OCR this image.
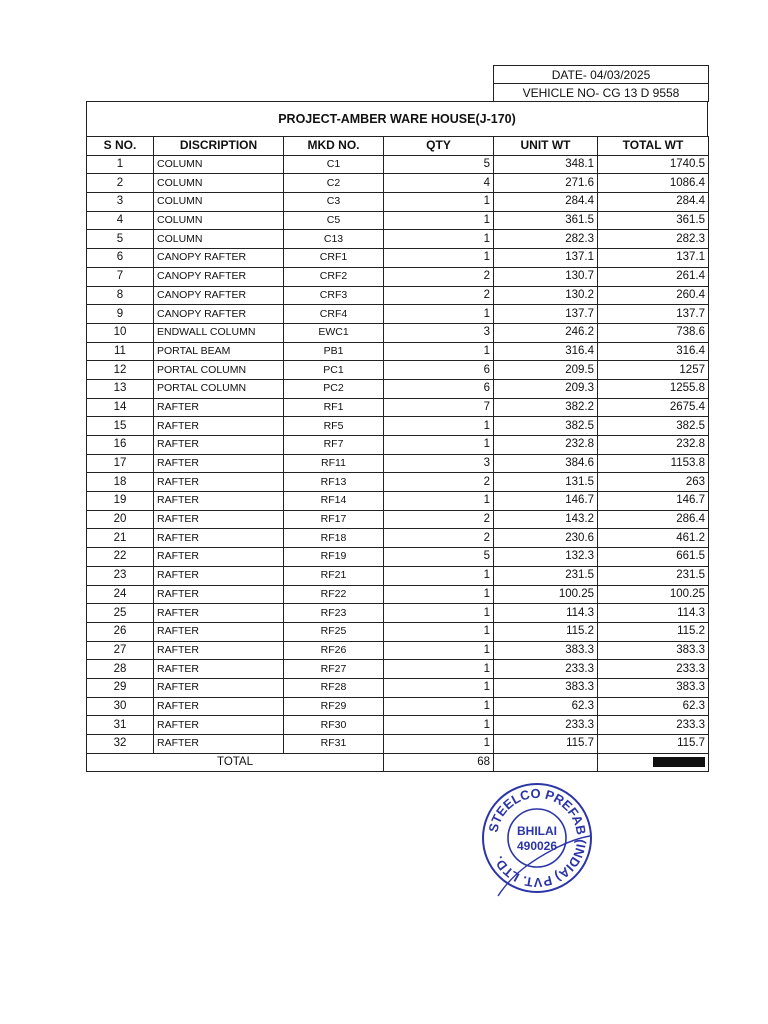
DATE- 04/03/2025
VEHICLE NO- CG 13 D 9558
PROJECT-AMBER WARE HOUSE(J-170)
S NO.	DISCRIPTION	MKD NO.	QTY	UNIT WT	TOTAL WT
1	COLUMN	C1	5	348.1	1740.5
2	COLUMN	C2	4	271.6	1086.4
3	COLUMN	C3	1	284.4	284.4
4	COLUMN	C5	1	361.5	361.5
5	COLUMN	C13	1	282.3	282.3
6	CANOPY RAFTER	CRF1	1	137.1	137.1
7	CANOPY RAFTER	CRF2	2	130.7	261.4
8	CANOPY RAFTER	CRF3	2	130.2	260.4
9	CANOPY RAFTER	CRF4	1	137.7	137.7
10	ENDWALL COLUMN	EWC1	3	246.2	738.6
11	PORTAL BEAM	PB1	1	316.4	316.4
12	PORTAL COLUMN	PC1	6	209.5	1257
13	PORTAL COLUMN	PC2	6	209.3	1255.8
14	RAFTER	RF1	7	382.2	2675.4
15	RAFTER	RF5	1	382.5	382.5
16	RAFTER	RF7	1	232.8	232.8
17	RAFTER	RF11	3	384.6	1153.8
18	RAFTER	RF13	2	131.5	263
19	RAFTER	RF14	1	146.7	146.7
20	RAFTER	RF17	2	143.2	286.4
21	RAFTER	RF18	2	230.6	461.2
22	RAFTER	RF19	5	132.3	661.5
23	RAFTER	RF21	1	231.5	231.5
24	RAFTER	RF22	1	100.25	100.25
25	RAFTER	RF23	1	114.3	114.3
26	RAFTER	RF25	1	115.2	115.2
27	RAFTER	RF26	1	383.3	383.3
28	RAFTER	RF27	1	233.3	233.3
29	RAFTER	RF28	1	383.3	383.3
30	RAFTER	RF29	1	62.3	62.3
31	RAFTER	RF30	1	233.3	233.3
32	RAFTER	RF31	1	115.7	115.7
TOTAL			68		
STEELCO PREFAB (INDIA) PVT. LTD.
BHILAI
490026
